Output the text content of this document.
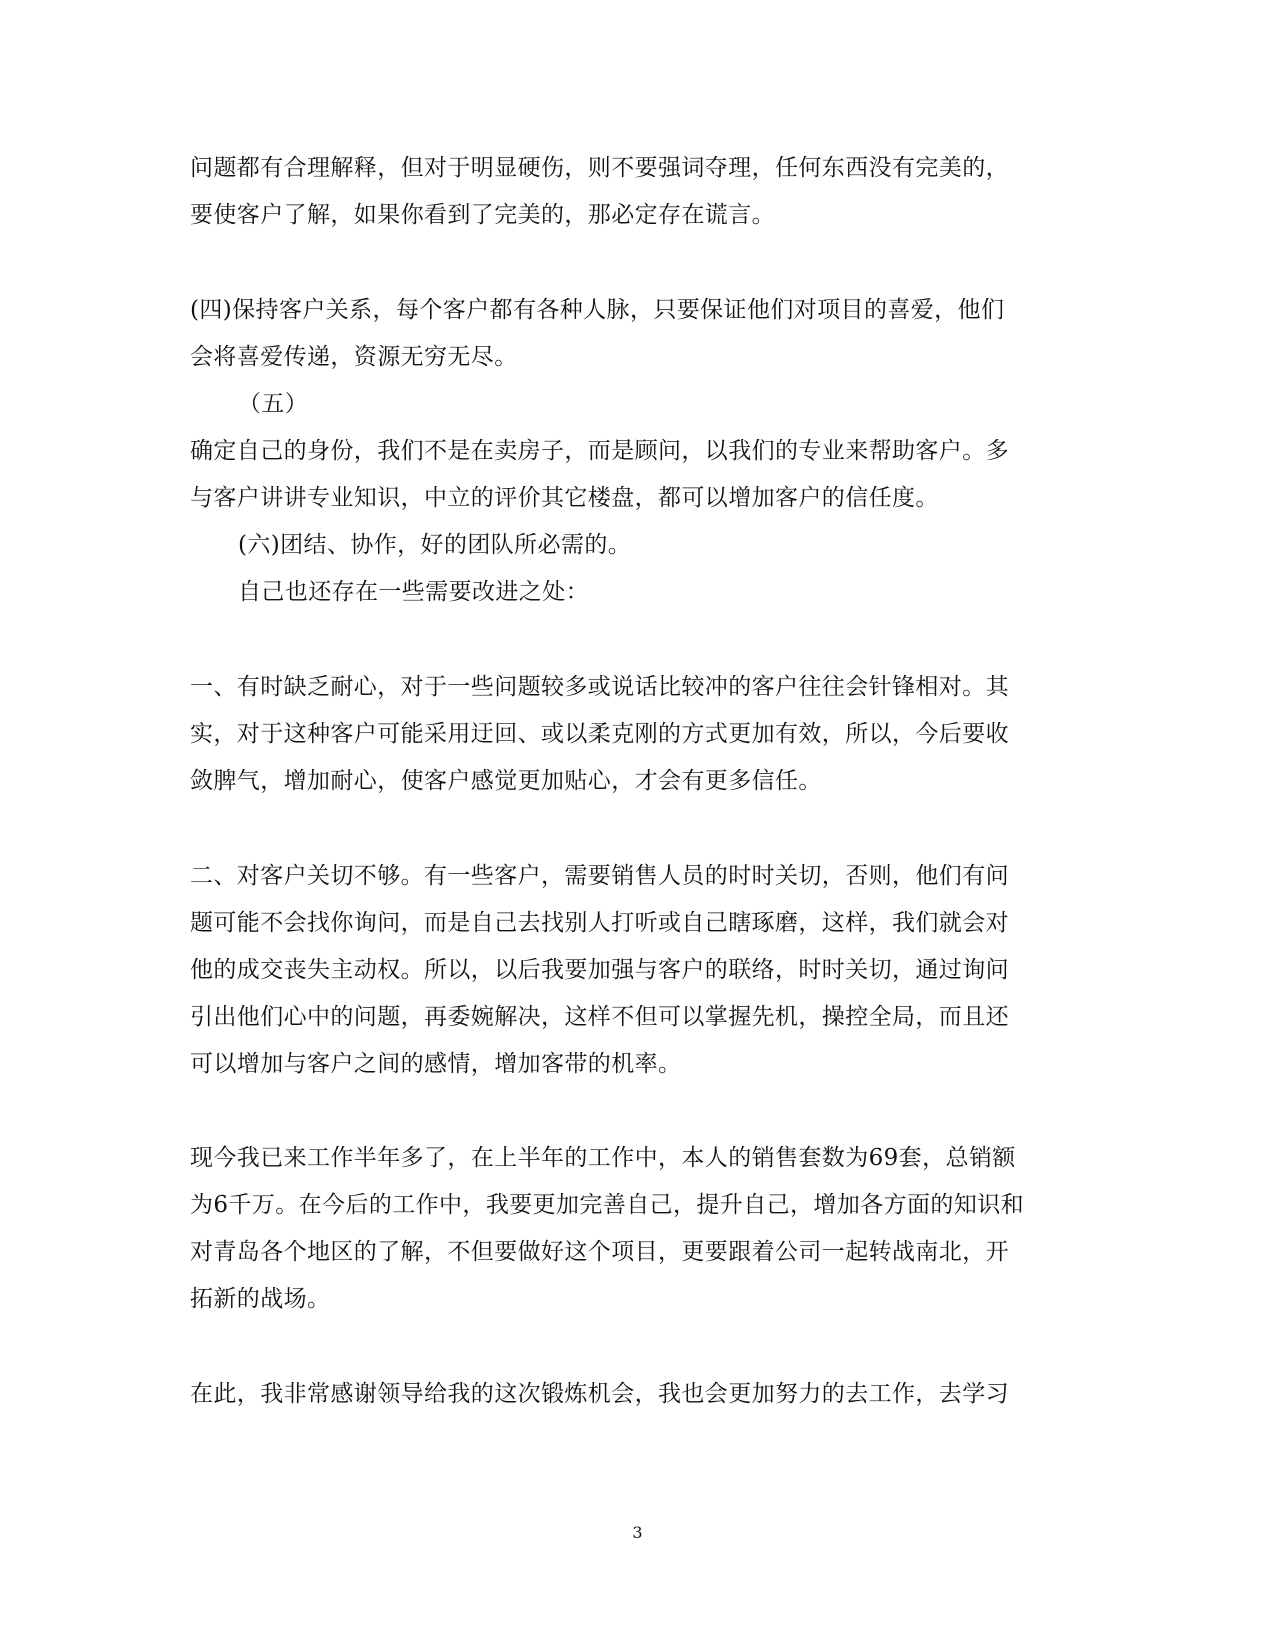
问题都有合理解释，但对于明显硬伤，则不要强词夺理，任何东西没有完美的，
要使客户了解，如果你看到了完美的，那必定存在谎言。
(四)保持客户关系，每个客户都有各种人脉，只要保证他们对项目的喜爱，他们
会将喜爱传递，资源无穷无尽。
（五）
确定自己的身份，我们不是在卖房子，而是顾问，以我们的专业来帮助客户。多
与客户讲讲专业知识，中立的评价其它楼盘，都可以增加客户的信任度。
(六)团结、协作，好的团队所必需的。
自己也还存在一些需要改进之处：
一、有时缺乏耐心，对于一些问题较多或说话比较冲的客户往往会针锋相对。其
实，对于这种客户可能采用迂回、或以柔克刚的方式更加有效，所以，今后要收
敛脾气，增加耐心，使客户感觉更加贴心，才会有更多信任。
二、对客户关切不够。有一些客户，需要销售人员的时时关切，否则，他们有问
题可能不会找你询问，而是自己去找别人打听或自己瞎琢磨，这样，我们就会对
他的成交丧失主动权。所以，以后我要加强与客户的联络，时时关切，通过询问
引出他们心中的问题，再委婉解决，这样不但可以掌握先机，操控全局，而且还
可以增加与客户之间的感情，增加客带的机率。
现今我已来工作半年多了，在上半年的工作中，本人的销售套数为69套，总销额
为6千万。在今后的工作中，我要更加完善自己，提升自己，增加各方面的知识和
对青岛各个地区的了解，不但要做好这个项目，更要跟着公司一起转战南北，开
拓新的战场。
在此，我非常感谢领导给我的这次锻炼机会，我也会更加努力的去工作，去学习
3
